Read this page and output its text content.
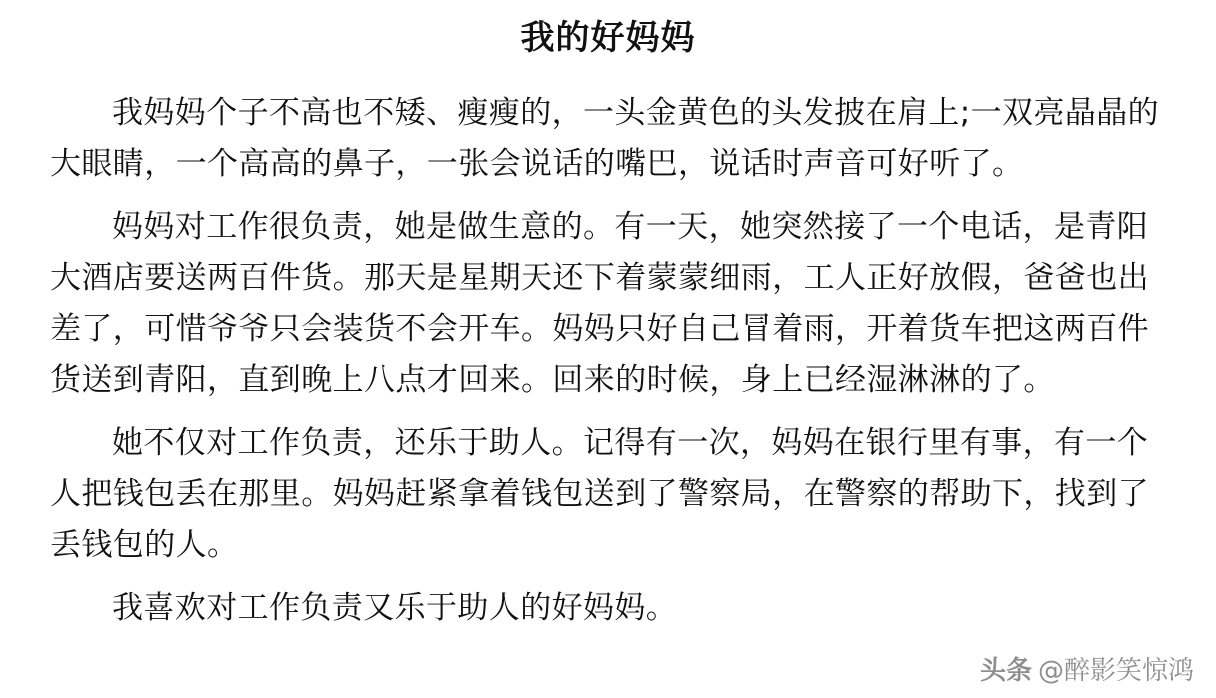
我的好妈妈

我妈妈个子不高也不矮、瘦瘦的，一头金黄色的头发披在肩上;一双亮晶晶的大眼睛，一个高高的鼻子，一张会说话的嘴巴，说话时声音可好听了。

妈妈对工作很负责，她是做生意的。有一天，她突然接了一个电话，是青阳大酒店要送两百件货。那天是星期天还下着蒙蒙细雨，工人正好放假，爸爸也出差了，可惜爷爷只会装货不会开车。妈妈只好自己冒着雨，开着货车把这两百件货送到青阳，直到晚上八点才回来。回来的时候，身上已经湿淋淋的了。

她不仅对工作负责，还乐于助人。记得有一次，妈妈在银行里有事，有一个人把钱包丢在那里。妈妈赶紧拿着钱包送到了警察局，在警察的帮助下，找到了丢钱包的人。

我喜欢对工作负责又乐于助人的好妈妈。

头条 @醉影笑惊鸿
